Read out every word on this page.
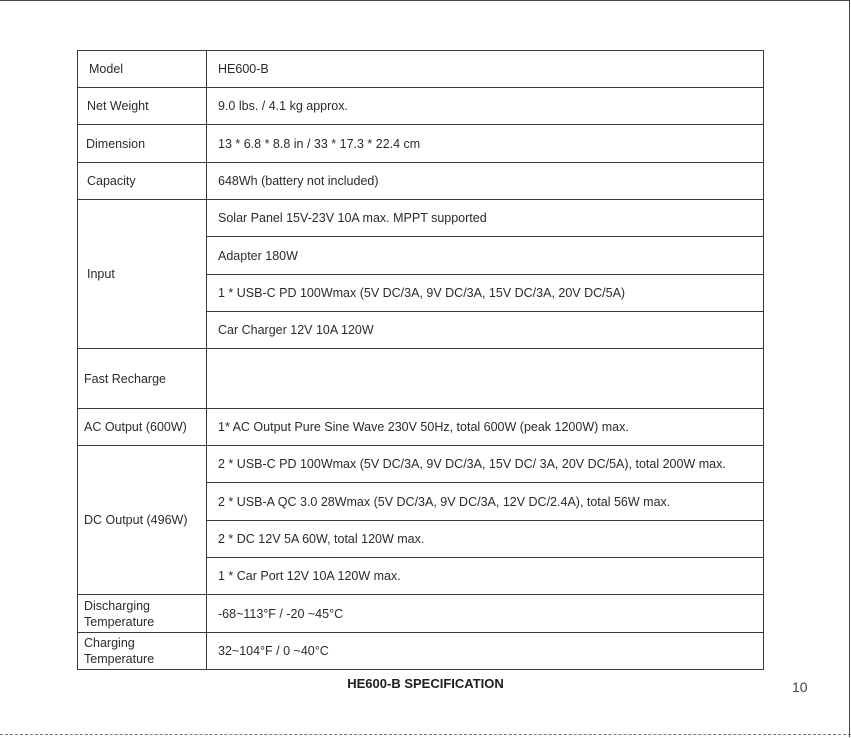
Model	HE600-B
Net Weight	9.0 lbs. / 4.1 kg approx.
Dimension	13 * 6.8 * 8.8 in / 33 * 17.3 * 22.4 cm
Capacity	648Wh (battery not included)
Input	Solar Panel 15V-23V 10A max. MPPT supported
	Adapter 180W
	1 * USB-C PD 100Wmax (5V DC/3A, 9V DC/3A, 15V DC/3A, 20V DC/5A)
	Car Charger 12V 10A 120W
Fast Recharge	
AC Output (600W)	1* AC Output Pure Sine Wave 230V 50Hz, total 600W (peak 1200W) max.
DC Output (496W)	2 * USB-C PD 100Wmax (5V DC/3A, 9V DC/3A, 15V DC/ 3A, 20V DC/5A), total 200W max.
	2 * USB-A QC 3.0 28Wmax (5V DC/3A, 9V DC/3A, 12V DC/2.4A), total 56W max.
	2 * DC 12V 5A 60W, total 120W max.
	1 * Car Port 12V 10A 120W max.
Discharging Temperature	-68~113°F / -20 ~45°C
Charging Temperature	32~104°F / 0 ~40°C
HE600-B SPECIFICATION	10
